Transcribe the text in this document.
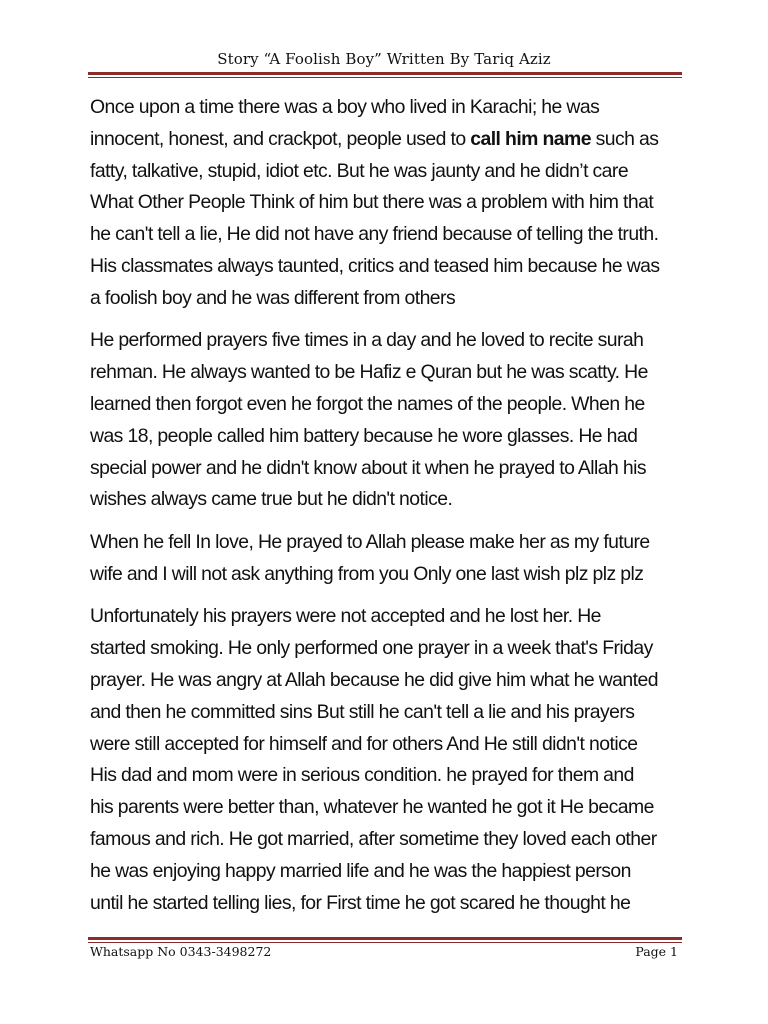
Story “A Foolish Boy” Written By Tariq Aziz

Once upon a time there was a boy who lived in Karachi; he was
innocent, honest, and crackpot, people used to call him name such as
fatty, talkative, stupid, idiot etc. But he was jaunty and he didn’t care
What Other People Think of him but there was a problem with him that
he can't tell a lie, He did not have any friend because of telling the truth.
His classmates always taunted, critics and teased him because he was
a foolish boy and he was different from others

He performed prayers five times in a day and he loved to recite surah
rehman. He always wanted to be Hafiz e Quran but he was scatty. He
learned then forgot even he forgot the names of the people. When he
was 18, people called him battery because he wore glasses. He had
special power and he didn't know about it when he prayed to Allah his
wishes always came true but he didn't notice.

When he fell In love, He prayed to Allah please make her as my future
wife and I will not ask anything from you Only one last wish plz plz plz

Unfortunately his prayers were not accepted and he lost her. He
started smoking. He only performed one prayer in a week that's Friday
prayer. He was angry at Allah because he did give him what he wanted
and then he committed sins But still he can't tell a lie and his prayers
were still accepted for himself and for others And He still didn't notice
His dad and mom were in serious condition. he prayed for them and
his parents were better than, whatever he wanted he got it He became
famous and rich. He got married, after sometime they loved each other
he was enjoying happy married life and he was the happiest person
until he started telling lies, for First time he got scared he thought he

Whatsapp No 0343-3498272	Page 1
